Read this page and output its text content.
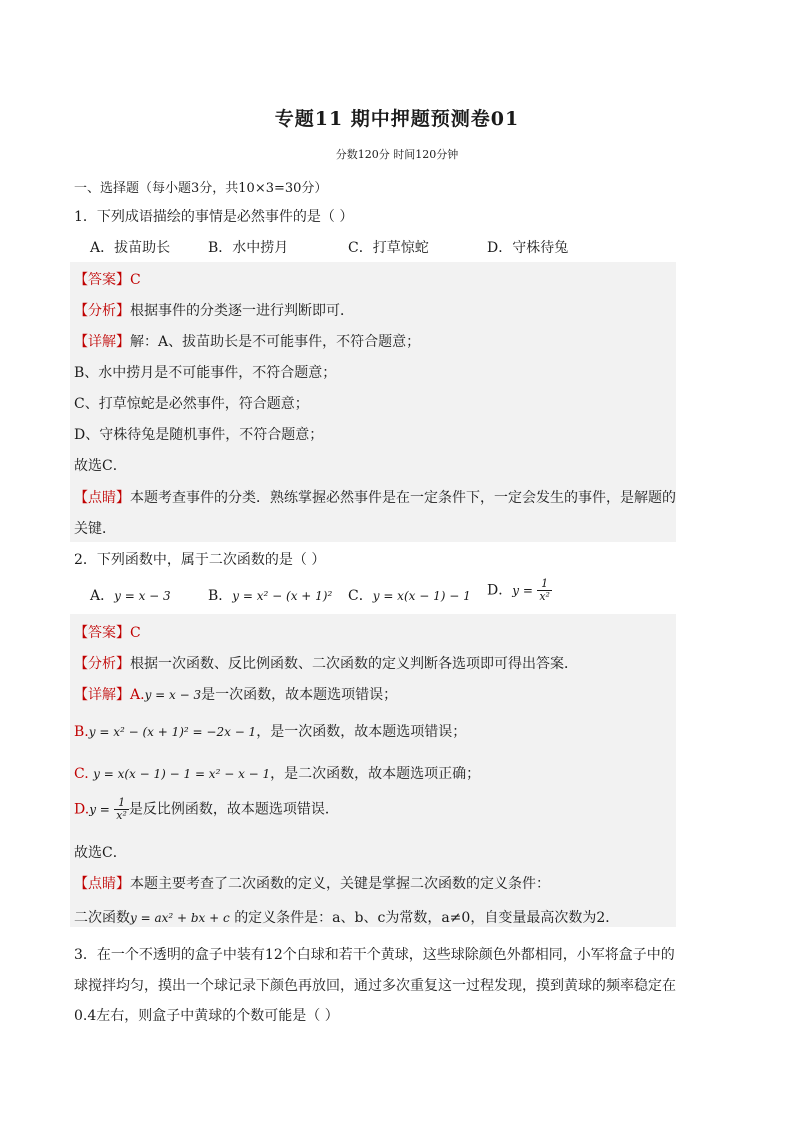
专题11 期中押题预测卷01
分数120分 时间120分钟
一、选择题（每小题3分，共10×3=30分）
1．下列成语描绘的事情是必然事件的是（ ）
A．拔苗助长	B．水中捞月	C．打草惊蛇	D．守株待兔
【答案】C
【分析】根据事件的分类逐一进行判断即可．
【详解】解：A、拔苗助长是不可能事件，不符合题意；
B、水中捞月是不可能事件，不符合题意；
C、打草惊蛇是必然事件，符合题意；
D、守株待兔是随机事件，不符合题意；
故选C．
【点睛】本题考查事件的分类．熟练掌握必然事件是在一定条件下，一定会发生的事件，是解题的
关键．
2．下列函数中，属于二次函数的是（ ）
A．y = x − 3	B．y = x² − (x + 1)² C．y = x(x − 1) − 1 D．$y = \frac{1}{\text{x²}}$
【答案】C
【分析】根据一次函数、反比例函数、二次函数的定义判断各选项即可得出答案．
【详解】A.y = x − 3是一次函数，故本题选项错误；
B.y = x² − (x + 1)² = −2x − 1，是一次函数，故本题选项错误；
C. y = x(x − 1) − 1 = x² − x − 1，是二次函数，故本题选项正确；
$D.y = \frac{1}{\text{x²}}$ 是反比例函数，故本题选项错误．
故选C．
【点睛】本题主要考查了二次函数的定义，关键是掌握二次函数的定义条件：
二次函数y = ax² + bx + c 的定义条件是：a、b、c为常数，a≠0，自变量最高次数为2．
3．在一个不透明的盒子中装有12个白球和若干个黄球，这些球除颜色外都相同，小军将盒子中的
球搅拌均匀，摸出一个球记录下颜色再放回，通过多次重复这一过程发现，摸到黄球的频率稳定在
0.4左右，则盒子中黄球的个数可能是（ ）
